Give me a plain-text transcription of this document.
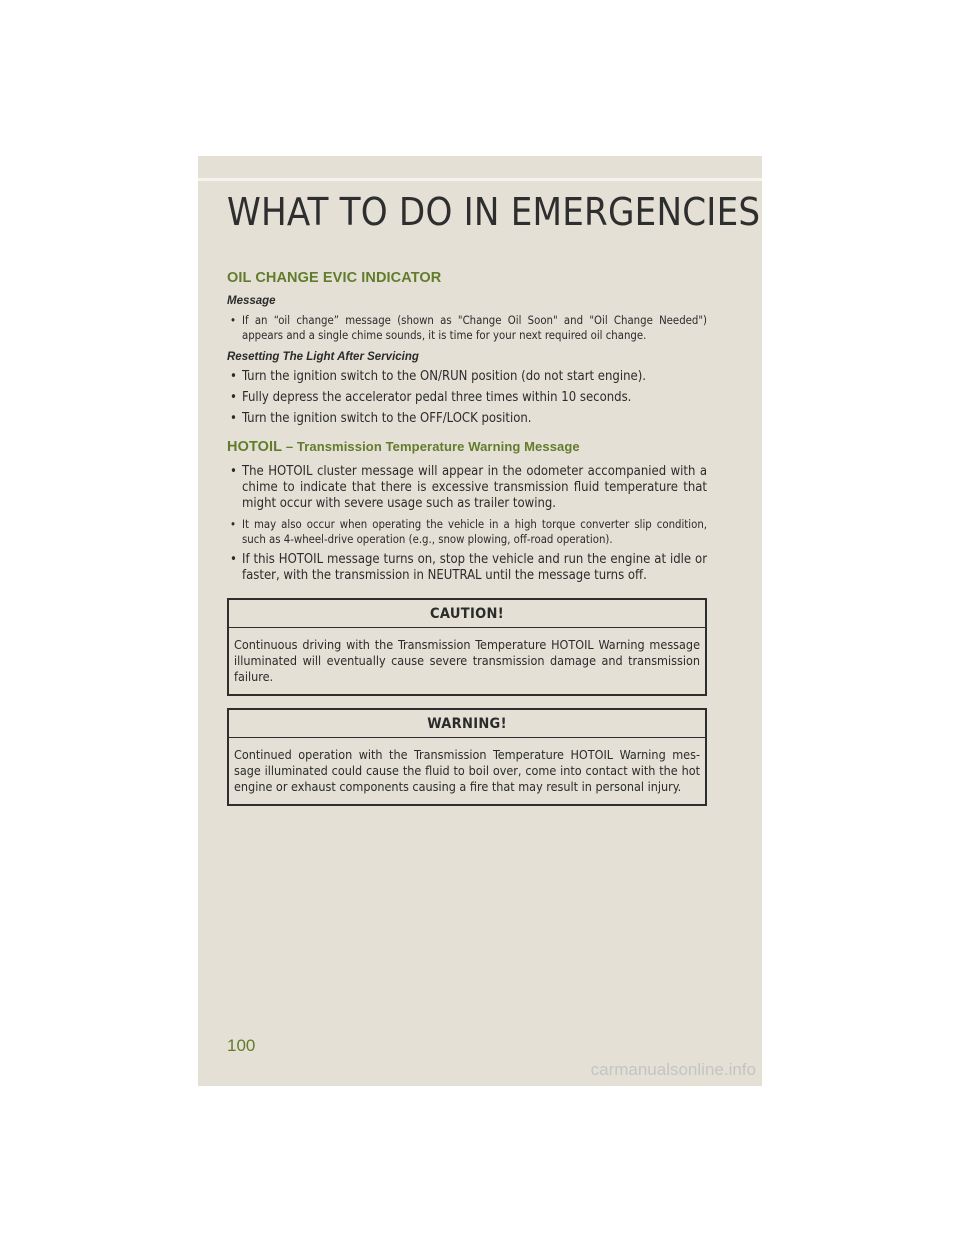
WHAT TO DO IN EMERGENCIES
OIL CHANGE EVIC INDICATOR
Message
• If an “oil change” message (shown as "Change Oil Soon" and "Oil Change Needed") appears and a single chime sounds, it is time for your next required oil change.
Resetting The Light After Servicing
• Turn the ignition switch to the ON/RUN position (do not start engine).
• Fully depress the accelerator pedal three times within 10 seconds.
• Turn the ignition switch to the OFF/LOCK position.
HOTOIL – Transmission Temperature Warning Message
• The HOTOIL cluster message will appear in the odometer accompanied with a chime to indicate that there is excessive transmission fluid temperature that might occur with severe usage such as trailer towing.
• It may also occur when operating the vehicle in a high torque converter slip condition, such as 4-wheel-drive operation (e.g., snow plowing, off-road operation).
• If this HOTOIL message turns on, stop the vehicle and run the engine at idle or faster, with the transmission in NEUTRAL until the message turns off.
CAUTION!
Continuous driving with the Transmission Temperature HOTOIL Warning message illuminated will eventually cause severe transmission damage and transmission failure.
WARNING!
Continued operation with the Transmission Temperature HOTOIL Warning mes-sage illuminated could cause the fluid to boil over, come into contact with the hot engine or exhaust components causing a fire that may result in personal injury.
100
carmanualsonline.info
